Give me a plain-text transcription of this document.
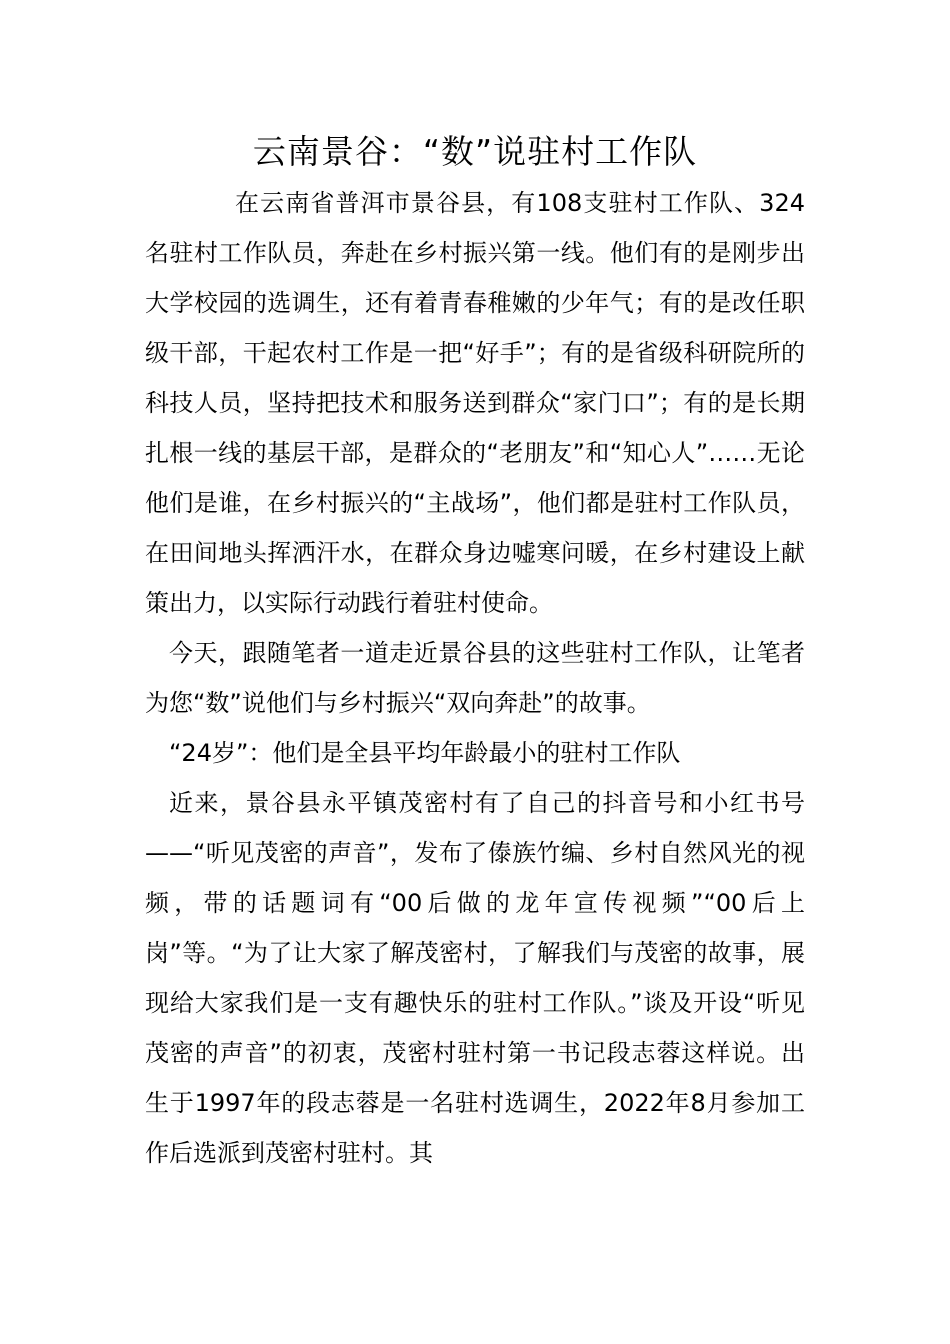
云南景谷：“数”说驻村工作队

在云南省普洱市景谷县，有108支驻村工作队、324名驻村工作队员，奔赴在乡村振兴第一线。他们有的是刚步出大学校园的选调生，还有着青春稚嫩的少年气；有的是改任职级干部，干起农村工作是一把“好手”；有的是省级科研院所的科技人员，坚持把技术和服务送到群众“家门口”；有的是长期扎根一线的基层干部，是群众的“老朋友”和“知心人”……无论他们是谁，在乡村振兴的“主战场”，他们都是驻村工作队员，在田间地头挥洒汗水，在群众身边嘘寒问暖，在乡村建设上献策出力，以实际行动践行着驻村使命。

今天，跟随笔者一道走近景谷县的这些驻村工作队，让笔者为您“数”说他们与乡村振兴“双向奔赴”的故事。

“24岁”：他们是全县平均年龄最小的驻村工作队

近来，景谷县永平镇茂密村有了自己的抖音号和小红书号——“听见茂密的声音”，发布了傣族竹编、乡村自然风光的视频，带的话题词有“00后做的龙年宣传视频”“00后上岗”等。“为了让大家了解茂密村，了解我们与茂密的故事，展现给大家我们是一支有趣快乐的驻村工作队。”谈及开设“听见茂密的声音”的初衷，茂密村驻村第一书记段志蓉这样说。出生于1997年的段志蓉是一名驻村选调生，2022年8月参加工作后选派到茂密村驻村。其
